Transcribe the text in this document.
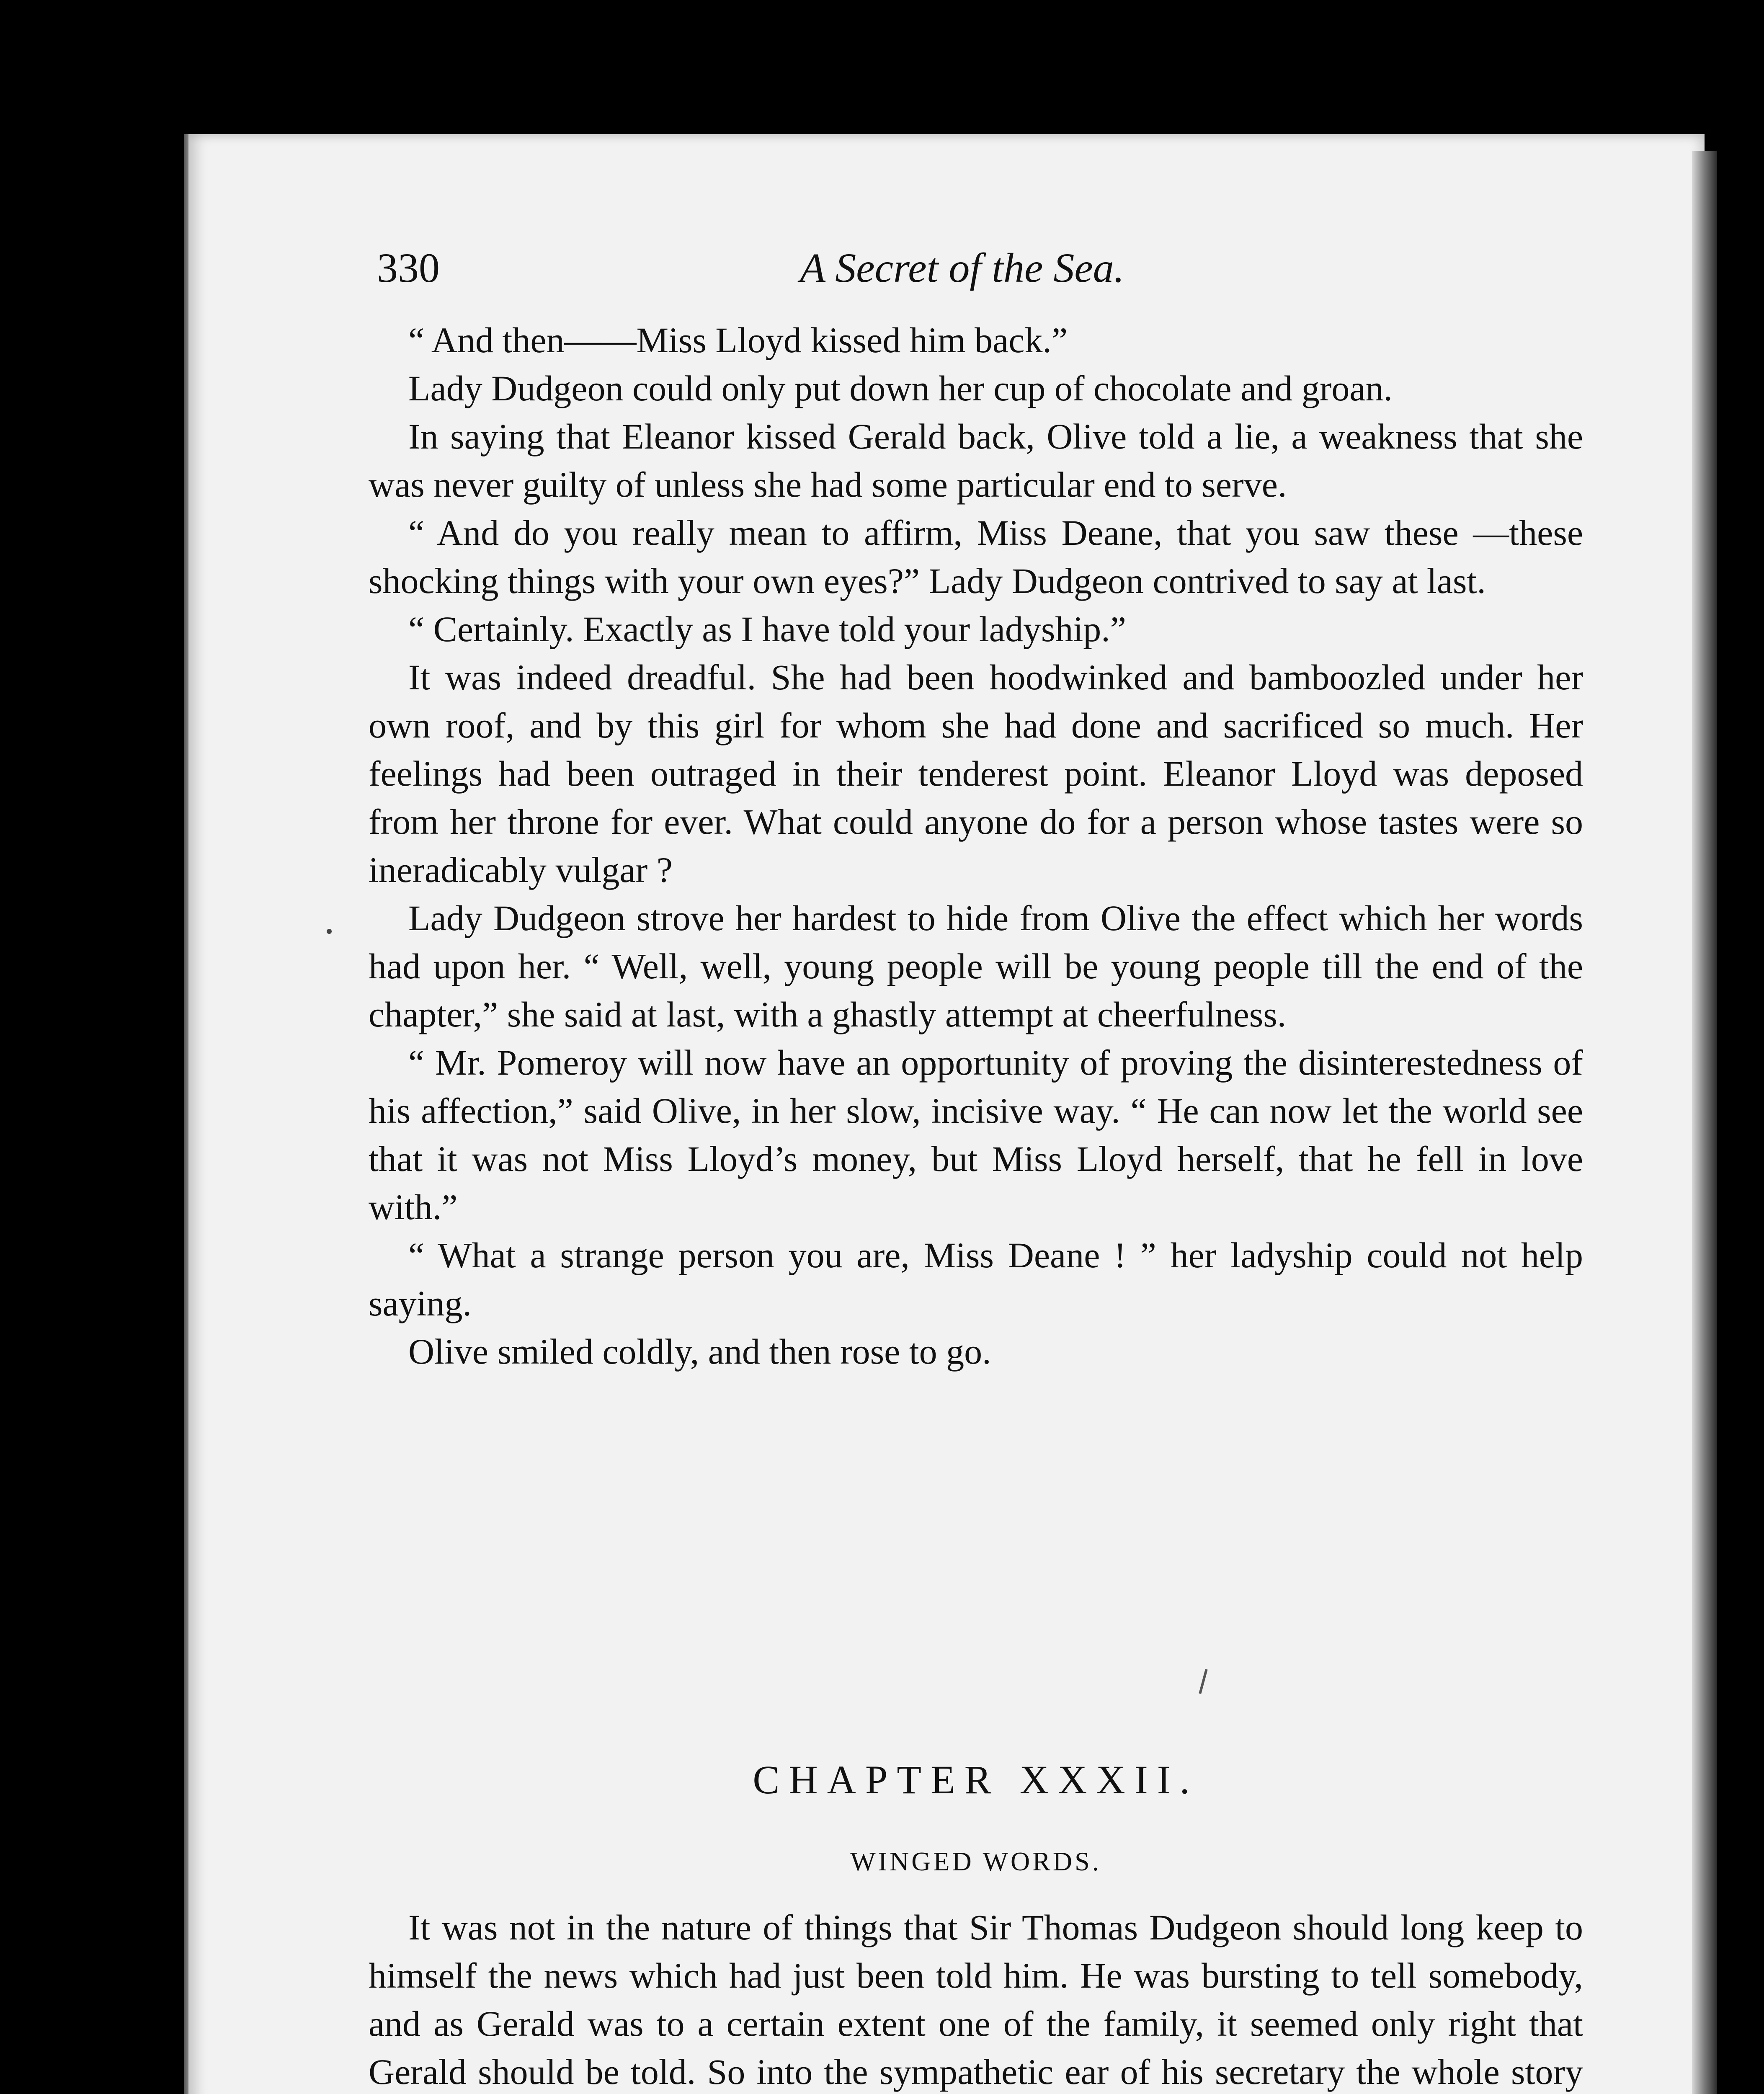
330	A Secret of the Sea.

“ And then——Miss Lloyd kissed him back.”

Lady Dudgeon could only put down her cup of chocolate and groan.

In saying that Eleanor kissed Gerald back, Olive told a lie, a weakness that she was never guilty of unless she had some particular end to serve.

“ And do you really mean to affirm, Miss Deane, that you saw these —these shocking things with your own eyes?” Lady Dudgeon contrived to say at last.

“ Certainly. Exactly as I have told your ladyship.”

It was indeed dreadful. She had been hoodwinked and bamboozled under her own roof, and by this girl for whom she had done and sacrificed so much. Her feelings had been outraged in their tenderest point. Eleanor Lloyd was deposed from her throne for ever. What could anyone do for a person whose tastes were so ineradicably vulgar ?

Lady Dudgeon strove her hardest to hide from Olive the effect which her words had upon her. “ Well, well, young people will be young people till the end of the chapter,” she said at last, with a ghastly attempt at cheerfulness.

“ Mr. Pomeroy will now have an opportunity of proving the disinterestedness of his affection,” said Olive, in her slow, incisive way. “ He can now let the world see that it was not Miss Lloyd’s money, but Miss Lloyd herself, that he fell in love with.”

“ What a strange person you are, Miss Deane ! ” her ladyship could not help saying.

Olive smiled coldly, and then rose to go.

CHAPTER XXXII.
WINGED WORDS.

It was not in the nature of things that Sir Thomas Dudgeon should long keep to himself the news which had just been told him. He was bursting to tell somebody, and as Gerald was to a certain extent one of the family, it seemed only right that Gerald should be told. So into the sympathetic ear of his secretary the whole story
